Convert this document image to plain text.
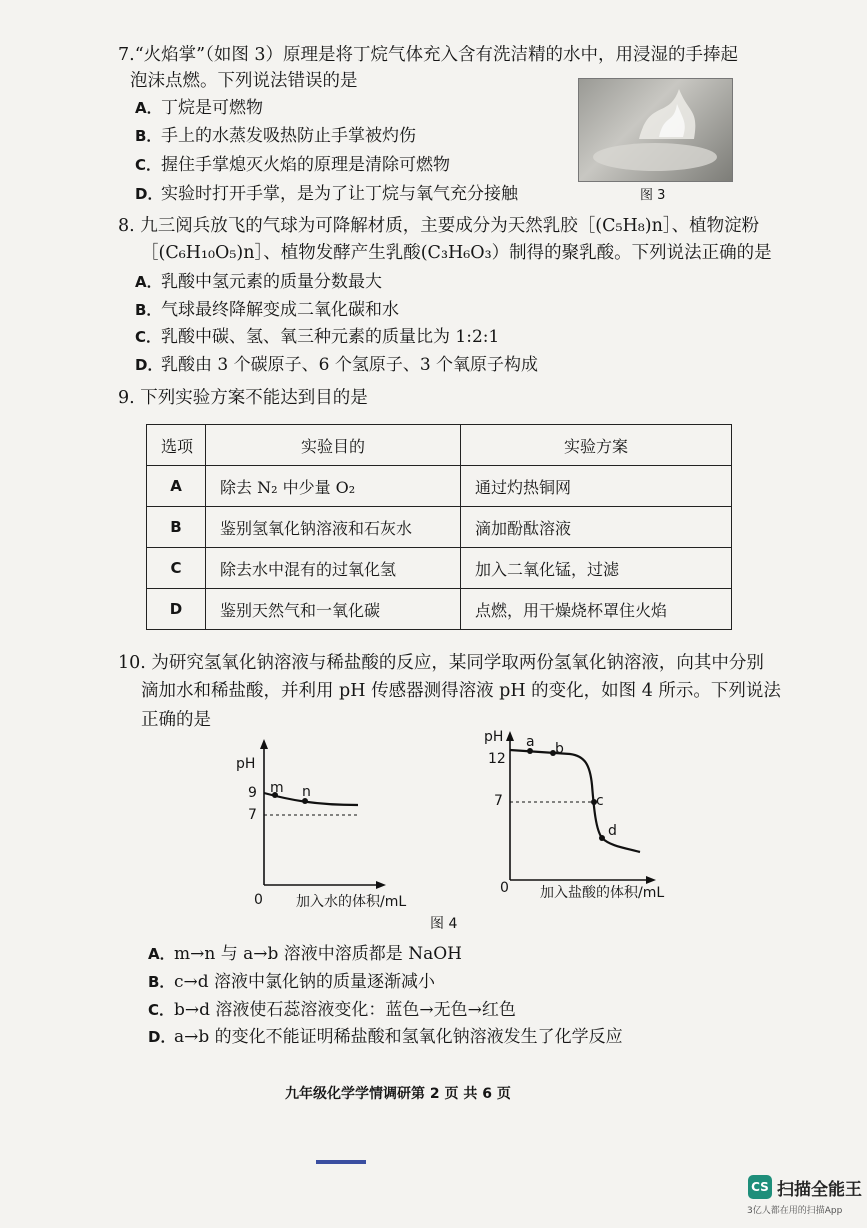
7.“火焰掌”（如图 3）原理是将丁烷气体充入含有洗洁精的水中，用浸湿的手捧起
泡沫点燃。下列说法错误的是
A．丁烷是可燃物
B．手上的水蒸发吸热防止手掌被灼伤
C．握住手掌熄灭火焰的原理是清除可燃物
D．实验时打开手掌，是为了让丁烷与氧气充分接触	图 3
8. 九三阅兵放飞的气球为可降解材质，主要成分为天然乳胶［(C₅H₈)n］、植物淀粉
［(C₆H₁₀O₅)n］、植物发酵产生乳酸(C₃H₆O₃）制得的聚乳酸。下列说法正确的是
A．乳酸中氢元素的质量分数最大
B．气球最终降解变成二氧化碳和水
C．乳酸中碳、氢、氧三种元素的质量比为 1:2:1
D．乳酸由 3 个碳原子、6 个氢原子、3 个氧原子构成
9. 下列实验方案不能达到目的是
选项	实验目的	实验方案
A	除去 N₂ 中少量 O₂	通过灼热铜网
B	鉴别氢氧化钠溶液和石灰水	滴加酚酞溶液
C	除去水中混有的过氧化氢	加入二氧化锰，过滤
D	鉴别天然气和一氧化碳	点燃，用干燥烧杯罩住火焰
10. 为研究氢氧化钠溶液与稀盐酸的反应，某同学取两份氢氧化钠溶液，向其中分别
滴加水和稀盐酸，并利用 pH 传感器测得溶液 pH 的变化，如图 4 所示。下列说法
正确的是
pH
9
7
m n
0 加入水的体积/mL
pH
12
7
a b
c
d
0 加入盐酸的体积/mL
图 4
A．m→n 与 a→b 溶液中溶质都是 NaOH
B．c→d 溶液中氯化钠的质量逐渐减小
C．b→d 溶液使石蕊溶液变化：蓝色→无色→红色
D．a→b 的变化不能证明稀盐酸和氢氧化钠溶液发生了化学反应
九年级化学学情调研第 2 页 共 6 页
CS 扫描全能王
3亿人都在用的扫描App
